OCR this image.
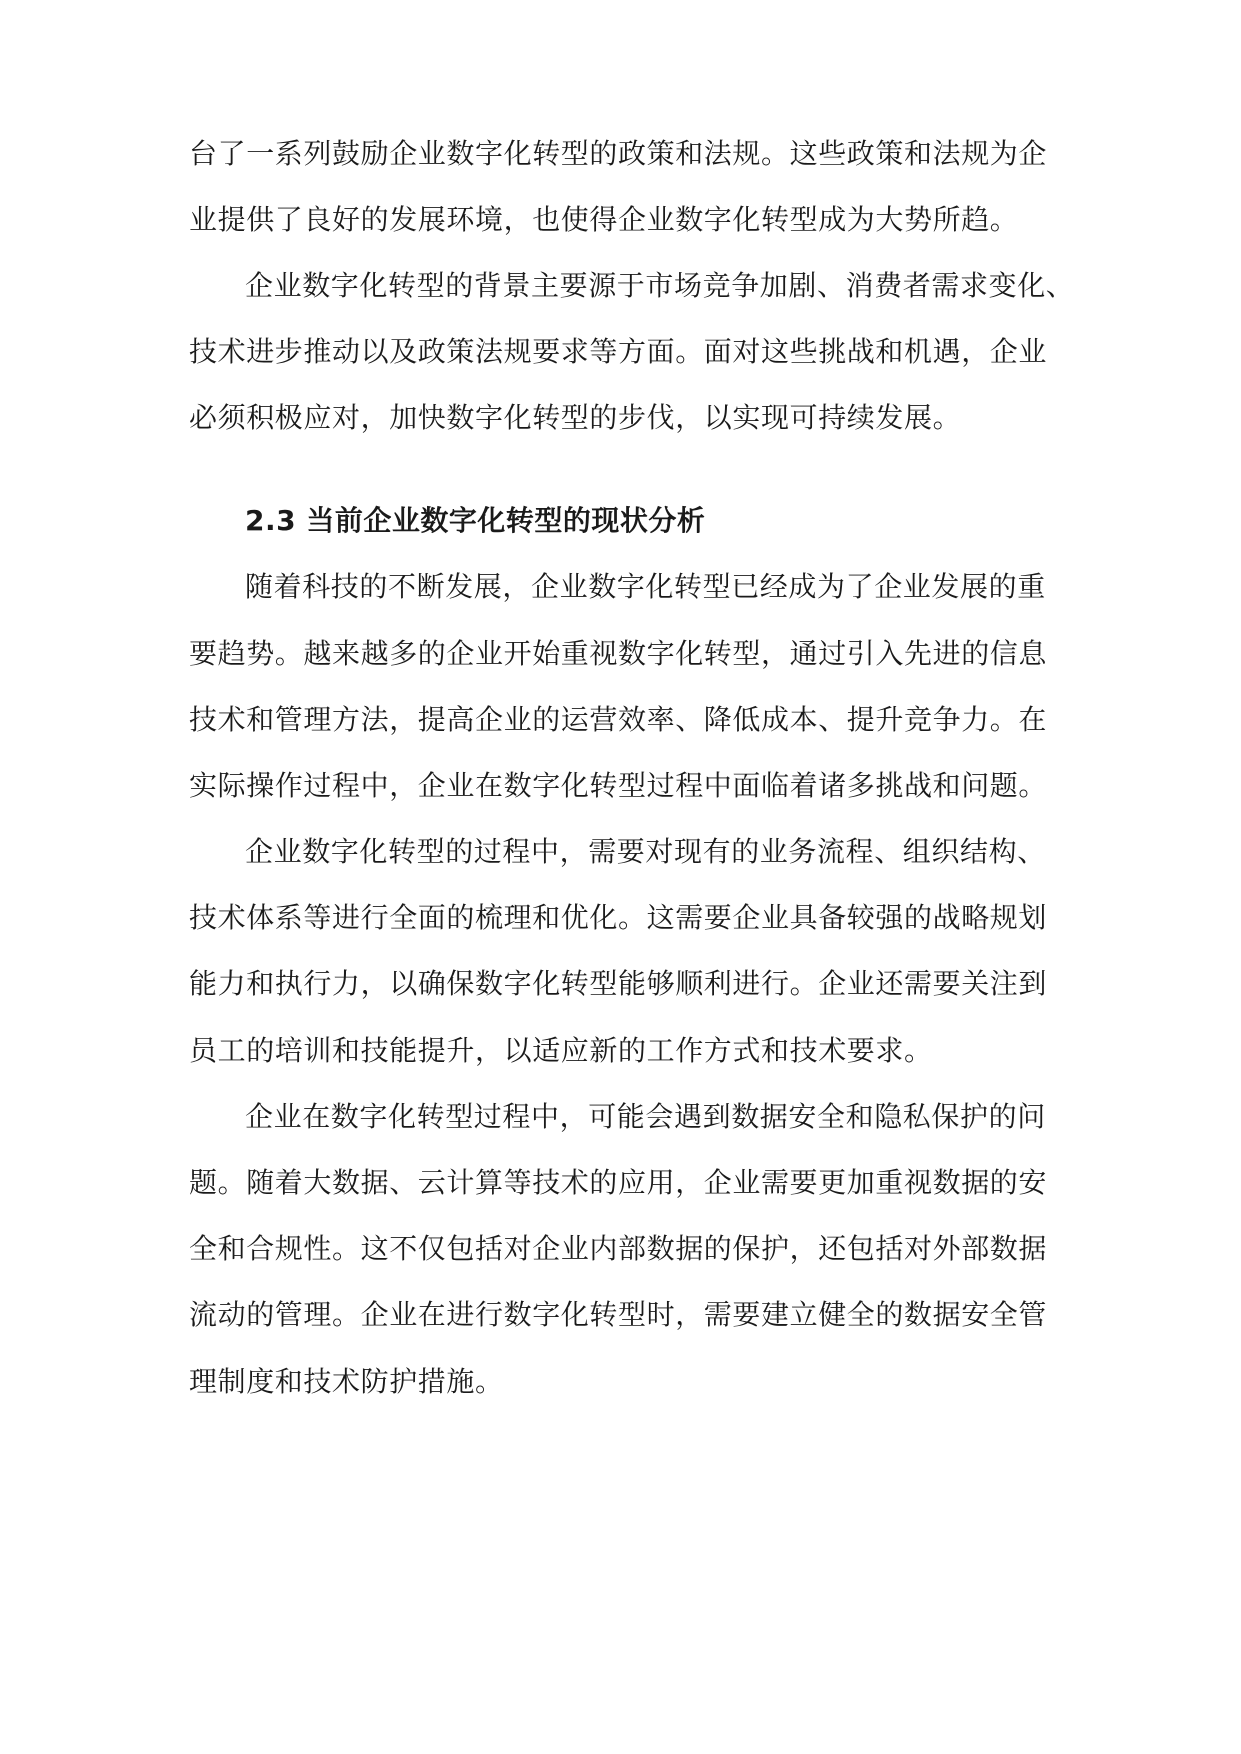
台了一系列鼓励企业数字化转型的政策和法规。这些政策和法规为企
业提供了良好的发展环境，也使得企业数字化转型成为大势所趋。
企业数字化转型的背景主要源于市场竞争加剧、消费者需求变化、
技术进步推动以及政策法规要求等方面。面对这些挑战和机遇，企业
必须积极应对，加快数字化转型的步伐，以实现可持续发展。
2.3 当前企业数字化转型的现状分析
随着科技的不断发展，企业数字化转型已经成为了企业发展的重
要趋势。越来越多的企业开始重视数字化转型，通过引入先进的信息
技术和管理方法，提高企业的运营效率、降低成本、提升竞争力。在
实际操作过程中，企业在数字化转型过程中面临着诸多挑战和问题。
企业数字化转型的过程中，需要对现有的业务流程、组织结构、
技术体系等进行全面的梳理和优化。这需要企业具备较强的战略规划
能力和执行力，以确保数字化转型能够顺利进行。企业还需要关注到
员工的培训和技能提升，以适应新的工作方式和技术要求。
企业在数字化转型过程中，可能会遇到数据安全和隐私保护的问
题。随着大数据、云计算等技术的应用，企业需要更加重视数据的安
全和合规性。这不仅包括对企业内部数据的保护，还包括对外部数据
流动的管理。企业在进行数字化转型时，需要建立健全的数据安全管
理制度和技术防护措施。
